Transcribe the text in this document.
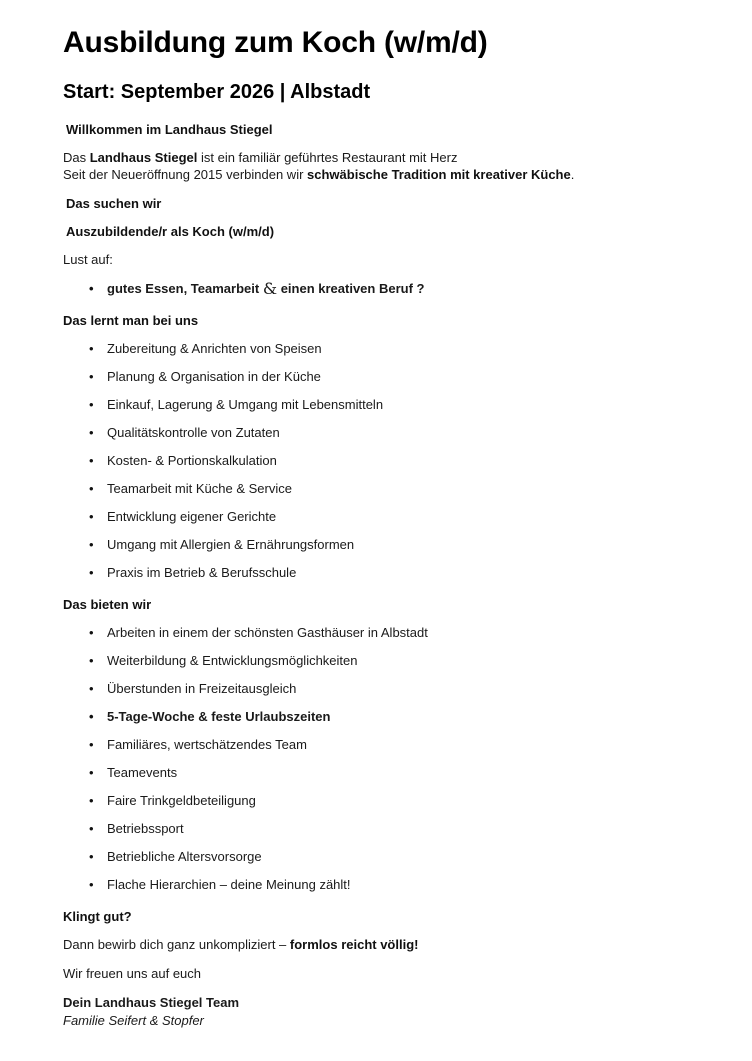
Ausbildung zum Koch (w/m/d)
Start: September 2026 | Albstadt
Willkommen im Landhaus Stiegel

Das Landhaus Stiegel ist ein familiär geführtes Restaurant mit Herz
Seit der Neueröffnung 2015 verbinden wir schwäbische Tradition mit kreativer Küche.

Das suchen wir
Auszubildende/r als Koch (w/m/d)

Lust auf:

• gutes Essen, Teamarbeit & einen kreativen Beruf ?
Das lernt man bei uns
• Zubereitung & Anrichten von Speisen
• Planung & Organisation in der Küche
• Einkauf, Lagerung & Umgang mit Lebensmitteln
• Qualitätskontrolle von Zutaten
• Kosten- & Portionskalkulation
• Teamarbeit mit Küche & Service
• Entwicklung eigener Gerichte
• Umgang mit Allergien & Ernährungsformen
• Praxis im Betrieb & Berufsschule
Das bieten wir
• Arbeiten in einem der schönsten Gasthäuser in Albstadt
• Weiterbildung & Entwicklungsmöglichkeiten
• Überstunden in Freizeitausgleich
• 5-Tage-Woche & feste Urlaubszeiten
• Familiäres, wertschätzendes Team
• Teamevents
• Faire Trinkgeldbeteiligung
• Betriebssport
• Betriebliche Altersvorsorge
• Flache Hierarchien – deine Meinung zählt!
Klingt gut?

Dann bewirb dich ganz unkompliziert – formlos reicht völlig!

Wir freuen uns auf euch

Dein Landhaus Stiegel Team
Familie Seifert & Stopfer
